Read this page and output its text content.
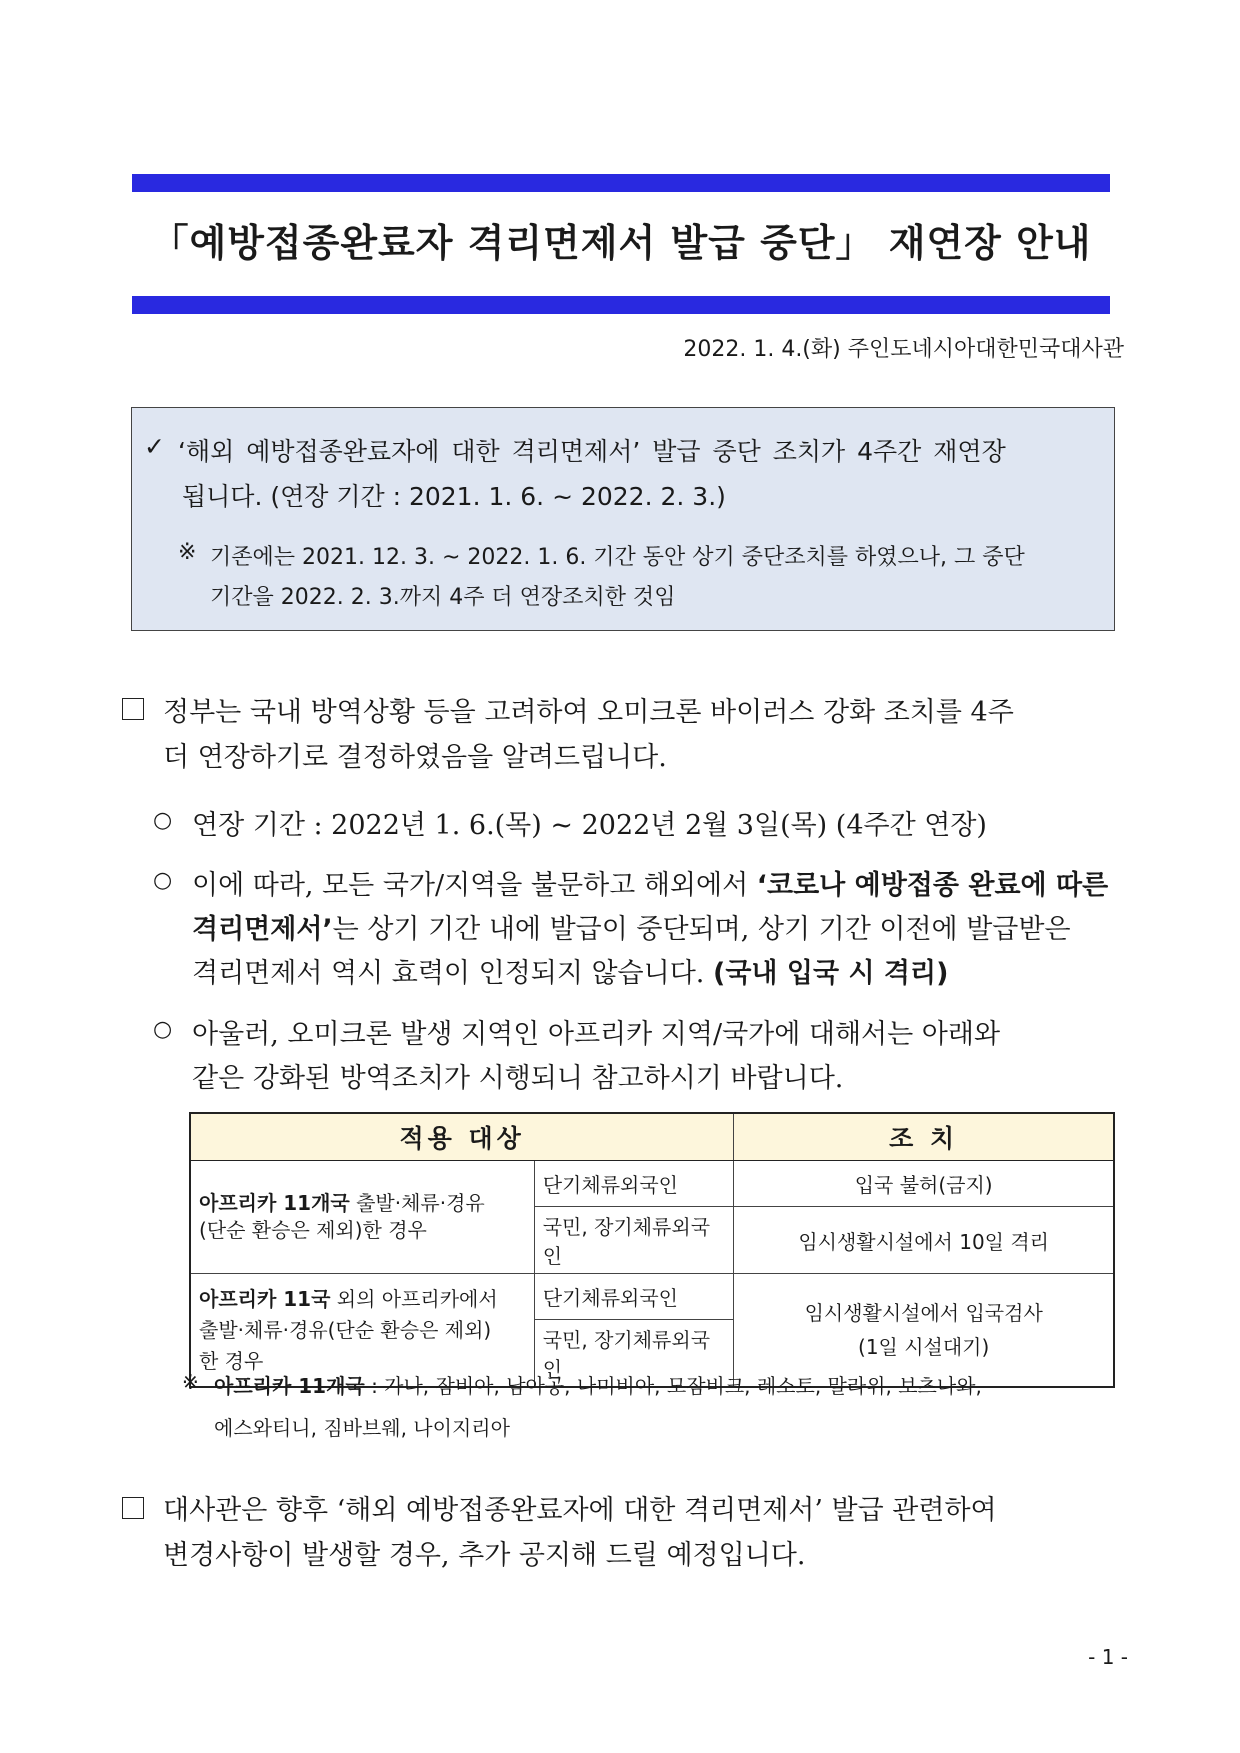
「예방접종완료자 격리면제서 발급 중단」 재연장 안내
2022. 1. 4.(화) 주인도네시아대한민국대사관
✓ ‘해외 예방접종완료자에 대한 격리면제서’ 발급 중단 조치가 4주간 재연장
됩니다. (연장 기간 : 2021. 1. 6. ~ 2022. 2. 3.)
※ 기존에는 2021. 12. 3. ~ 2022. 1. 6. 기간 동안 상기 중단조치를 하였으나, 그 중단
기간을 2022. 2. 3.까지 4주 더 연장조치한 것임
정부는 국내 방역상황 등을 고려하여 오미크론 바이러스 강화 조치를 4주
더 연장하기로 결정하였음을 알려드립니다.
○ 연장 기간 : 2022년 1. 6.(목) ~ 2022년 2월 3일(목) (4주간 연장)
○ 이에 따라, 모든 국가/지역을 불문하고 해외에서 ‘코로나 예방접종 완료에 따른
격리면제서’는 상기 기간 내에 발급이 중단되며, 상기 기간 이전에 발급받은
격리면제서 역시 효력이 인정되지 않습니다. (국내 입국 시 격리)
○ 아울러, 오미크론 발생 지역인 아프리카 지역/국가에 대해서는 아래와
같은 강화된 방역조치가 시행되니 참고하시기 바랍니다.
적용 대상		조 치
아프리카 11개국 출발·체류·경유
(단순 환승은 제외)한 경우	단기체류외국인	입국 불허(금지)
	국민, 장기체류외국인	임시생활시설에서 10일 격리
아프리카 11국 외의 아프리카에서
출발·체류·경유(단순 환승은 제외)
한 경우	단기체류외국인	임시생활시설에서 입국검사
(1일 시설대기)
	국민, 장기체류외국인	
※ 아프리카 11개국 : 가나, 잠비아, 남아공, 나미비아, 모잠비크, 레소토, 말라위, 보츠나와,
에스와티니, 짐바브웨, 나이지리아
대사관은 향후 ‘해외 예방접종완료자에 대한 격리면제서’ 발급 관련하여
변경사항이 발생할 경우, 추가 공지해 드릴 예정입니다.
- 1 -
